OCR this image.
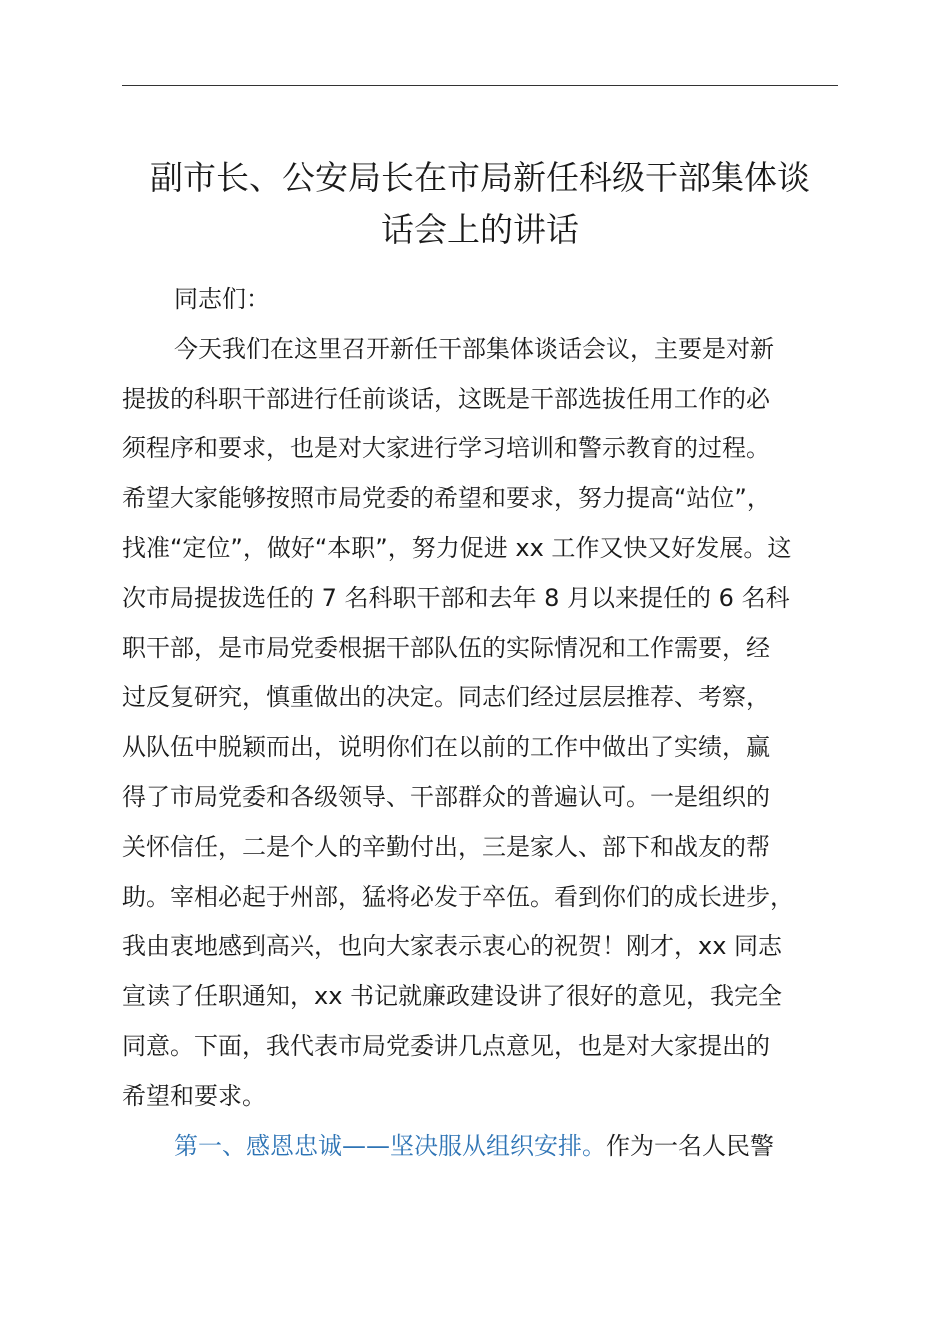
副市长、公安局长在市局新任科级干部集体谈
话会上的讲话
同志们：
今天我们在这里召开新任干部集体谈话会议，主要是对新
提拔的科职干部进行任前谈话，这既是干部选拔任用工作的必
须程序和要求，也是对大家进行学习培训和警示教育的过程。
希望大家能够按照市局党委的希望和要求，努力提高“站位”，
找准“定位”，做好“本职”，努力促进 xx 工作又快又好发展。这
次市局提拔选任的 7 名科职干部和去年 8 月以来提任的 6 名科
职干部，是市局党委根据干部队伍的实际情况和工作需要，经
过反复研究，慎重做出的决定。同志们经过层层推荐、考察，
从队伍中脱颖而出，说明你们在以前的工作中做出了实绩，赢
得了市局党委和各级领导、干部群众的普遍认可。一是组织的
关怀信任，二是个人的辛勤付出，三是家人、部下和战友的帮
助。宰相必起于州部，猛将必发于卒伍。看到你们的成长进步，
我由衷地感到高兴，也向大家表示衷心的祝贺！刚才，xx 同志
宣读了任职通知，xx 书记就廉政建设讲了很好的意见，我完全
同意。下面，我代表市局党委讲几点意见，也是对大家提出的
希望和要求。
第一、感恩忠诚——坚决服从组织安排。作为一名人民警
